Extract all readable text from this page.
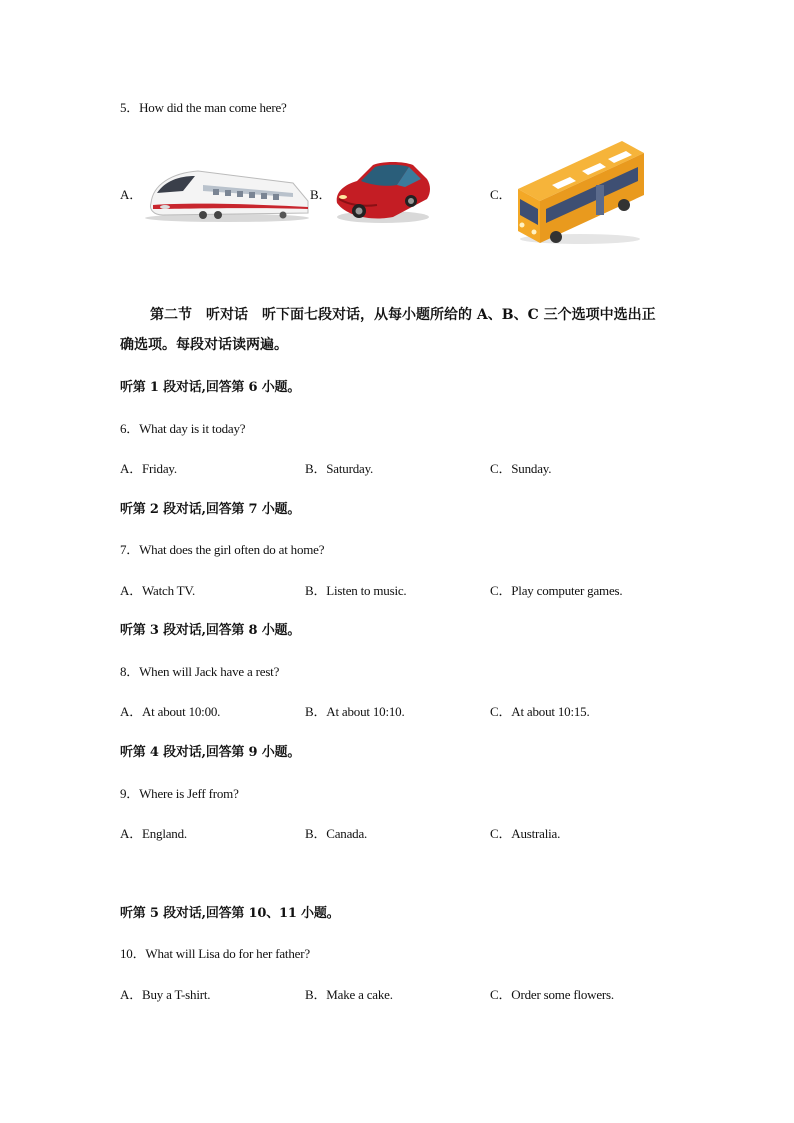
5．How did the man come here?
A．	B．	C．
第二节　听对话　听下面七段对话，从每小题所给的 A、B、C 三个选项中选出正
确选项。每段对话读两遍。
听第 1 段对话,回答第 6 小题。
6．What day is it today?
A．Friday.	B．Saturday.	C．Sunday.
听第 2 段对话,回答第 7 小题。
7．What does the girl often do at home?
A．Watch TV.	B．Listen to music.	C．Play computer games.
听第 3 段对话,回答第 8 小题。
8．When will Jack have a rest?
A．At about 10:00.	B．At about 10:10.	C．At about 10:15.
听第 4 段对话,回答第 9 小题。
9．Where is Jeff from?
A．England.	B．Canada.	C．Australia.
听第 5 段对话,回答第 10、11 小题。
10．What will Lisa do for her father?
A．Buy a T-shirt.	B．Make a cake.	C．Order some flowers.
